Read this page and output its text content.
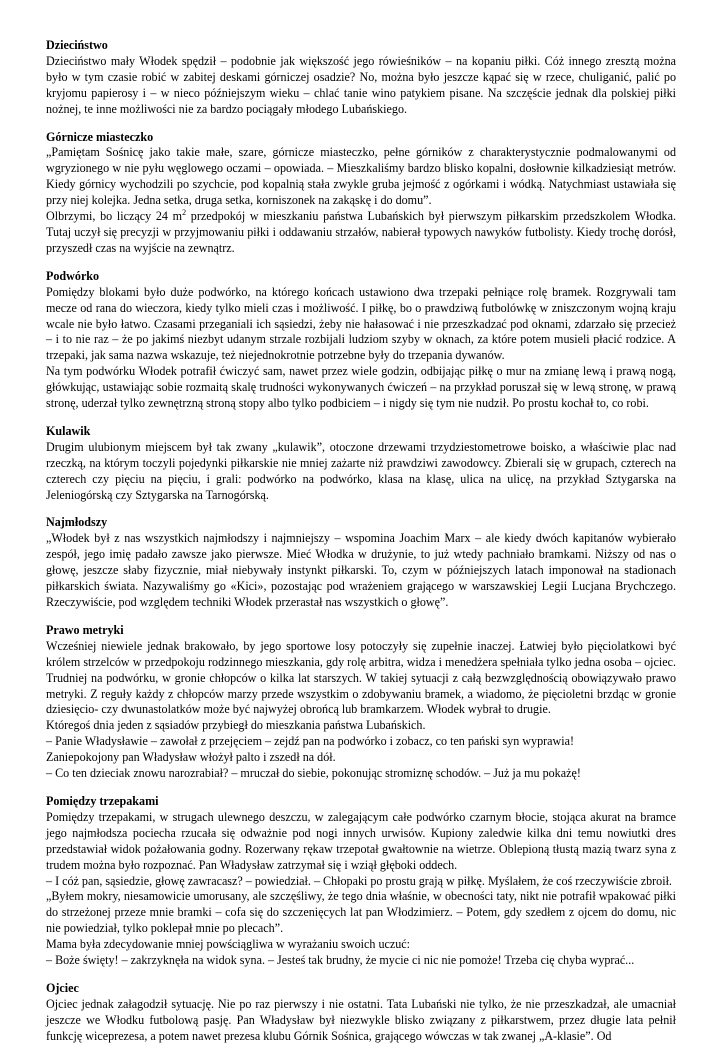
Dzieciństwo

Dzieciństwo mały Włodek spędził – podobnie jak większość jego rówieśników – na kopaniu piłki. Cóż innego zresztą można było w tym czasie robić w zabitej deskami górniczej osadzie? No, można było jeszcze kąpać się w rzece, chuliganić, palić po kryjomu papierosy i – w nieco późniejszym wieku – chlać tanie wino patykiem pisane. Na szczęście jednak dla polskiej piłki nożnej, te inne możliwości nie za bardzo pociągały młodego Lubańskiego.

Górnicze miasteczko

„Pamiętam Sośnicę jako takie małe, szare, górnicze miasteczko, pełne górników z charakterystycznie podmalowanymi od wgryzionego w nie pyłu węglowego oczami – opowiada. – Mieszkaliśmy bardzo blisko kopalni, dosłownie kilkadziesiąt metrów. Kiedy górnicy wychodzili po szychcie, pod kopalnią stała zwykle gruba jejmość z ogórkami i wódką. Natychmiast ustawiała się przy niej kolejka. Jedna setka, druga setka, korniszonek na zakąskę i do domu”.

Olbrzymi, bo liczący 24 $m^2$ przedpokój w mieszkaniu państwa Lubańskich był pierwszym piłkarskim przedszkolem Włodka. Tutaj uczył się precyzji w przyjmowaniu piłki i oddawaniu strzałów, nabierał typowych nawyków futbolisty. Kiedy trochę dorósł, przyszedł czas na wyjście na zewnątrz.

Podwórko

Pomiędzy blokami było duże podwórko, na którego końcach ustawiono dwa trzepaki pełniące rolę bramek. Rozgrywali tam mecze od rana do wieczora, kiedy tylko mieli czas i możliwość. I piłkę, bo o prawdziwą futbolówkę w zniszczonym wojną kraju wcale nie było łatwo. Czasami przeganiali ich sąsiedzi, żeby nie hałasować i nie przeszkadzać pod oknami, zdarzało się przecież – i to nie raz – że po jakimś niezbyt udanym strzale rozbijali ludziom szyby w oknach, za które potem musieli płacić rodzice. A trzepaki, jak sama nazwa wskazuje, też niejednokrotnie potrzebne były do trzepania dywanów.

Na tym podwórku Włodek potrafił ćwiczyć sam, nawet przez wiele godzin, odbijając piłkę o mur na zmianę lewą i prawą nogą, główkując, ustawiając sobie rozmaitą skalę trudności wykonywanych ćwiczeń – na przykład poruszał się w lewą stronę, w prawą stronę, uderzał tylko zewnętrzną stroną stopy albo tylko podbiciem – i nigdy się tym nie nudził. Po prostu kochał to, co robi.

Kulawik

Drugim ulubionym miejscem był tak zwany „kulawik”, otoczone drzewami trzydziestometrowe boisko, a właściwie plac nad rzeczką, na którym toczyli pojedynki piłkarskie nie mniej zażarte niż prawdziwi zawodowcy. Zbierali się w grupach, czterech na czterech czy pięciu na pięciu, i grali: podwórko na podwórko, klasa na klasę, ulica na ulicę, na przykład Sztygarska na Jeleniogórską czy Sztygarska na Tarnogórską.

Najmłodszy

„Włodek był z nas wszystkich najmłodszy i najmniejszy – wspomina Joachim Marx – ale kiedy dwóch kapitanów wybierało zespół, jego imię padało zawsze jako pierwsze. Mieć Włodka w drużynie, to już wtedy pachniało bramkami. Niższy od nas o głowę, jeszcze słaby fizycznie, miał niebywały instynkt piłkarski. To, czym w późniejszych latach imponował na stadionach piłkarskich świata. Nazywaliśmy go «Kici», pozostając pod wrażeniem grającego w warszawskiej Legii Lucjana Brychczego. Rzeczywiście, pod względem techniki Włodek przerastał nas wszystkich o głowę”.

Prawo metryki

Wcześniej niewiele jednak brakowało, by jego sportowe losy potoczyły się zupełnie inaczej. Łatwiej było pięciolatkowi być królem strzelców w przedpokoju rodzinnego mieszkania, gdy rolę arbitra, widza i menedżera spełniała tylko jedna osoba – ojciec. Trudniej na podwórku, w gronie chłopców o kilka lat starszych. W takiej sytuacji z całą bezwzględnością obowiązywało prawo metryki. Z reguły każdy z chłopców marzy przede wszystkim o zdobywaniu bramek, a wiadomo, że pięcioletni brzdąc w gronie dziesięcio- czy dwunastolatków może być najwyżej obrońcą lub bramkarzem. Włodek wybrał to drugie.

Któregoś dnia jeden z sąsiadów przybiegł do mieszkania państwa Lubańskich.

– Panie Władysławie – zawołał z przejęciem – zejdź pan na podwórko i zobacz, co ten pański syn wyprawia!

Zaniepokojony pan Władysław włożył palto i zszedł na dół.

– Co ten dzieciak znowu narozrabiał? – mruczał do siebie, pokonując stromiznę schodów. – Już ja mu pokażę!

Pomiędzy trzepakami

Pomiędzy trzepakami, w strugach ulewnego deszczu, w zalegającym całe podwórko czarnym błocie, stojąca akurat na bramce jego najmłodsza pociecha rzucała się odważnie pod nogi innych urwisów. Kupiony zaledwie kilka dni temu nowiutki dres przedstawiał widok pożałowania godny. Rozerwany rękaw trzepotał gwałtownie na wietrze. Oblepioną tłustą mazią twarz syna z trudem można było rozpoznać. Pan Władysław zatrzymał się i wziął głęboki oddech.

– I cóż pan, sąsiedzie, głowę zawracasz? – powiedział. – Chłopaki po prostu grają w piłkę. Myślałem, że coś rzeczywiście zbroił.

„Byłem mokry, niesamowicie umorusany, ale szczęśliwy, że tego dnia właśnie, w obecności taty, nikt nie potrafił wpakować piłki do strzeżonej przeze mnie bramki – cofa się do szczenięcych lat pan Włodzimierz. – Potem, gdy szedłem z ojcem do domu, nic nie powiedział, tylko poklepał mnie po plecach”.

Mama była zdecydowanie mniej powściągliwa w wyrażaniu swoich uczuć:

– Boże święty! – zakrzyknęła na widok syna. – Jesteś tak brudny, że mycie ci nic nie pomoże! Trzeba cię chyba wyprać...

Ojciec

Ojciec jednak załagodził sytuację. Nie po raz pierwszy i nie ostatni. Tata Lubański nie tylko, że nie przeszkadzał, ale umacniał jeszcze we Włodku futbolową pasję. Pan Władysław był niezwykle blisko związany z piłkarstwem, przez długie lata pełnił funkcję wiceprezesa, a potem nawet prezesa klubu Górnik Sośnica, grającego wówczas w tak zwanej „A-klasie”. Od
